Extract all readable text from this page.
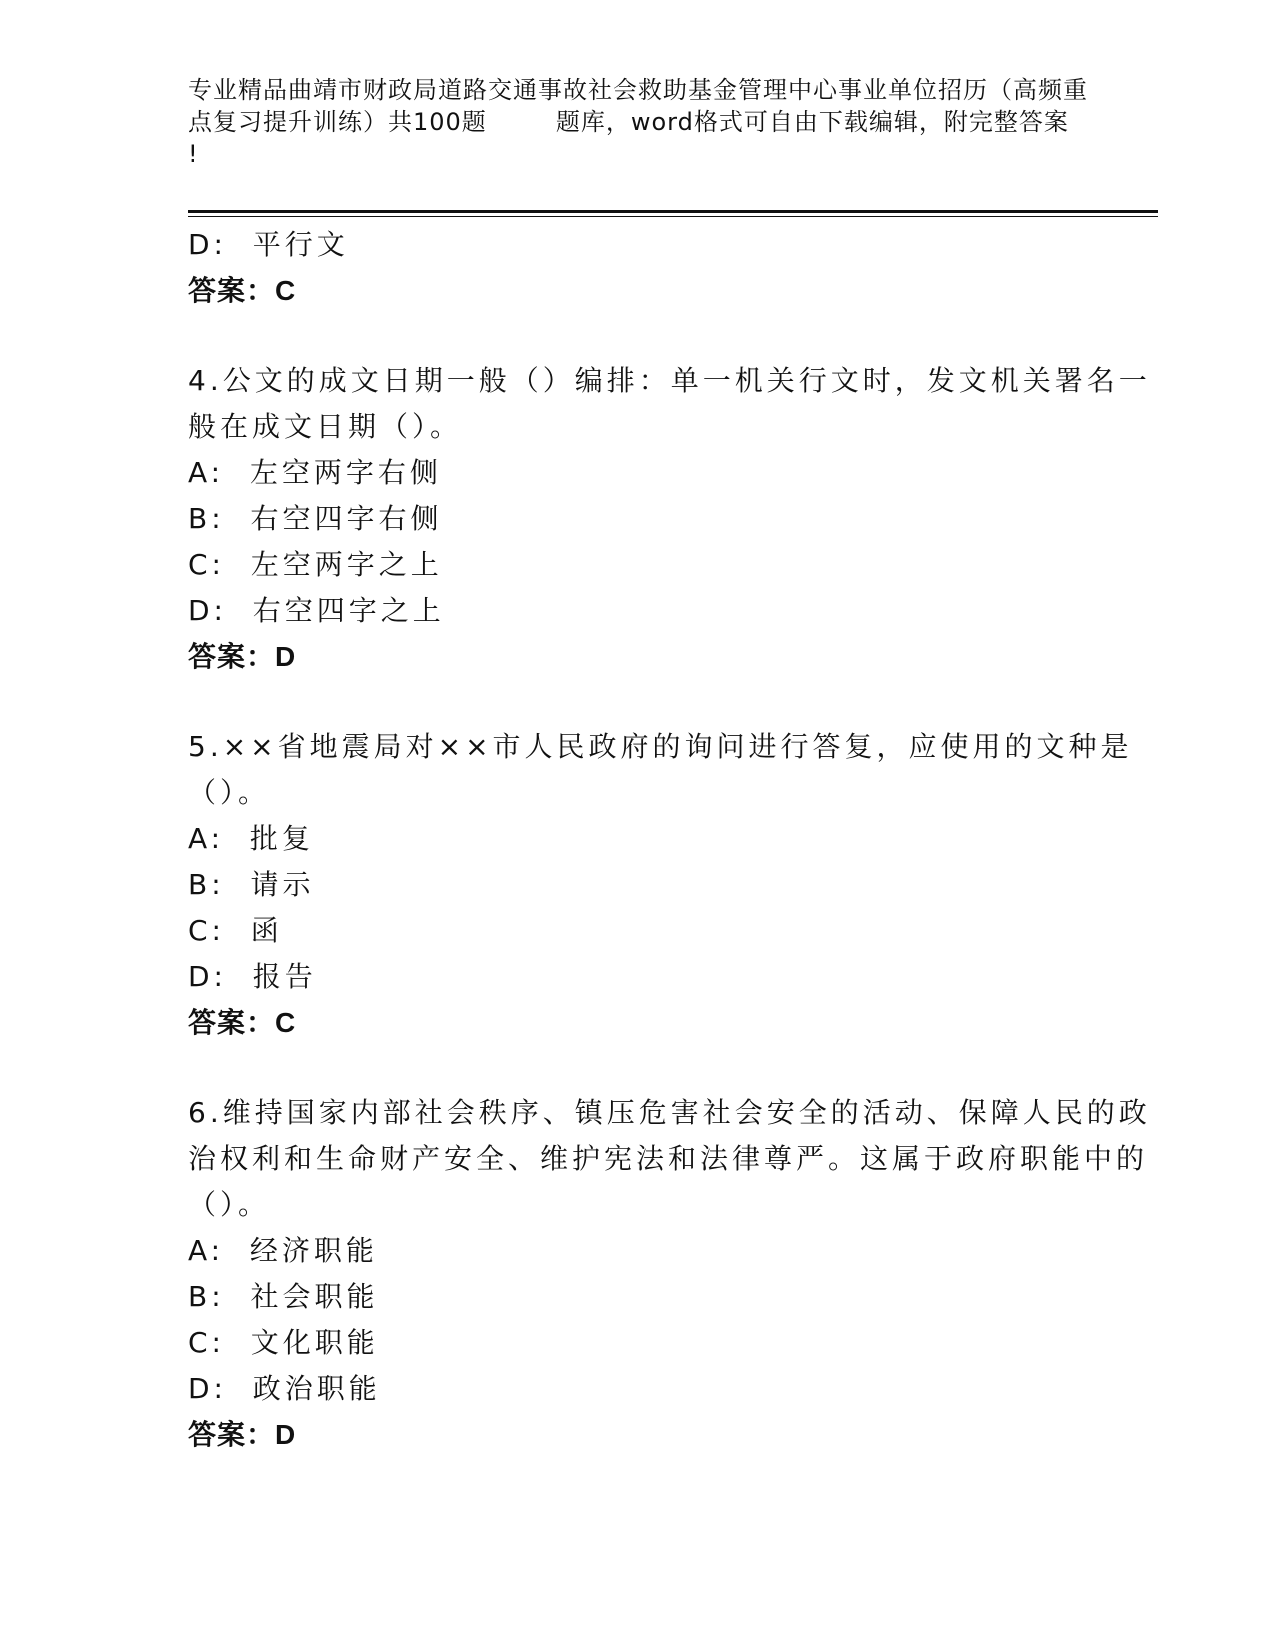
专业精品曲靖市财政局道路交通事故社会救助基金管理中心事业单位招历（高频重
点复习提升训练）共100题        题库，word格式可自由下载编辑，附完整答案
!
D:  平行文
答案：C
4.公文的成文日期一般（）编排：单一机关行文时，发文机关署名一
般在成文日期（）。
A:  左空两字右侧
B:  右空四字右侧
C:  左空两字之上
D:  右空四字之上
答案：D
5.××省地震局对××市人民政府的询问进行答复，应使用的文种是
（）。
A:  批复
B:  请示
C:  函
D:  报告
答案：C
6.维持国家内部社会秩序、镇压危害社会安全的活动、保障人民的政
治权利和生命财产安全、维护宪法和法律尊严。这属于政府职能中的
（）。
A:  经济职能
B:  社会职能
C:  文化职能
D:  政治职能
答案：D
